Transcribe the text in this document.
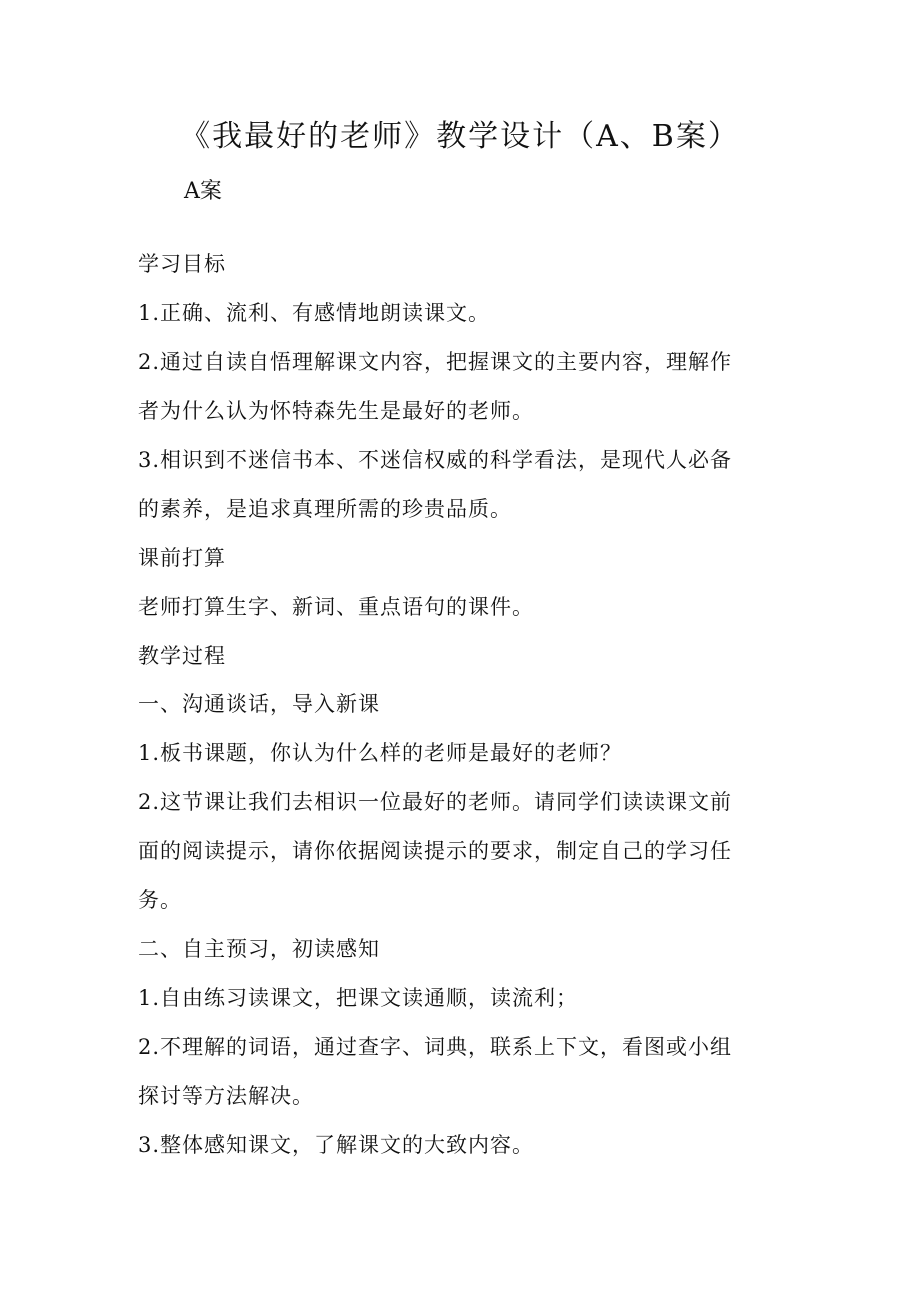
《我最好的老师》教学设计（A、B案）
A案
学习目标
1.正确、流利、有感情地朗读课文。
2.通过自读自悟理解课文内容，把握课文的主要内容，理解作
者为什么认为怀特森先生是最好的老师。
3.相识到不迷信书本、不迷信权威的科学看法，是现代人必备
的素养，是追求真理所需的珍贵品质。
课前打算
老师打算生字、新词、重点语句的课件。
教学过程
一、沟通谈话，导入新课
1.板书课题，你认为什么样的老师是最好的老师？
2.这节课让我们去相识一位最好的老师。请同学们读读课文前
面的阅读提示，请你依据阅读提示的要求，制定自己的学习任
务。
二、自主预习，初读感知
1.自由练习读课文，把课文读通顺，读流利；
2.不理解的词语，通过查字、词典，联系上下文，看图或小组
探讨等方法解决。
3.整体感知课文，了解课文的大致内容。
